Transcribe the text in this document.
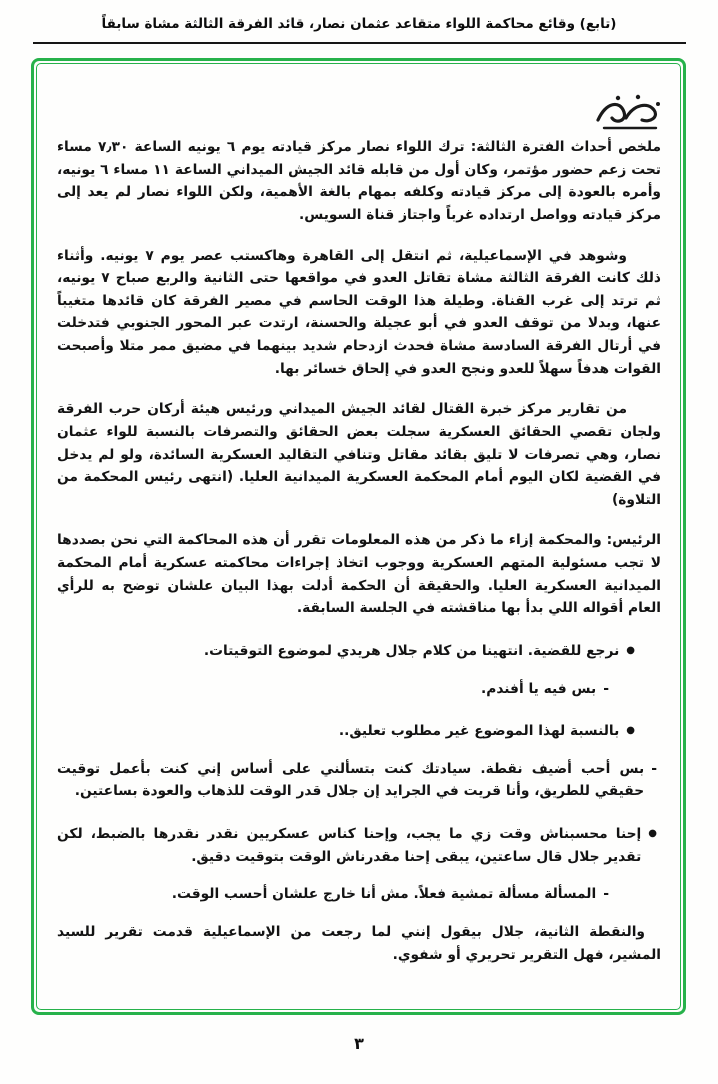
(تابع) وقائع محاكمة اللواء متقاعد عثمان نصار، قائد الفرقة الثالثة مشاة سابقاً

ملخص أحداث الفترة الثالثة: ترك اللواء نصار مركز قيادته يوم ٦ يونيه الساعة ٧٫٣٠ مساء تحت زعم حضور مؤتمر، وكان أول من قابله قائد الجيش الميداني الساعة ١١ مساء ٦ يونيه، وأمره بالعودة إلى مركز قيادته وكلفه بمهام بالغة الأهمية، ولكن اللواء نصار لم يعد إلى مركز قيادته وواصل ارتداده غرباً واجتاز قناة السويس.

وشوهد في الإسماعيلية، ثم انتقل إلى القاهرة وهاكستب عصر يوم ٧ يونيه. وأثناء ذلك كانت الفرقة الثالثة مشاة تقاتل العدو في مواقعها حتى الثانية والربع صباح ٧ يونيه، ثم ترتد إلى غرب القناة. وطيلة هذا الوقت الحاسم في مصير الفرقة كان قائدها متغيباً عنها، وبدلا من توقف العدو في أبو عجيلة والحسنة، ارتدت عبر المحور الجنوبي فتدخلت في أرتال الفرقة السادسة مشاة فحدث ازدحام شديد بينهما في مضيق ممر متلا وأصبحت القوات هدفاً سهلاً للعدو ونجح العدو في إلحاق خسائر بها.

من تقارير مركز خبرة القتال لقائد الجيش الميداني ورئيس هيئة أركان حرب الفرقة ولجان تقصي الحقائق العسكرية سجلت بعض الحقائق والتصرفات بالنسبة للواء عثمان نصار، وهي تصرفات لا تليق بقائد مقاتل وتنافي التقاليد العسكرية السائدة، ولو لم يدخل في القضية لكان اليوم أمام المحكمة العسكرية الميدانية العليا. (انتهى رئيس المحكمة من التلاوة)

الرئيس: والمحكمة إزاء ما ذكر من هذه المعلومات تقرر أن هذه المحاكمة التي نحن بصددها لا تجب مسئولية المتهم العسكرية ووجوب اتخاذ إجراءات محاكمته عسكرية أمام المحكمة الميدانية العسكرية العليا. والحقيقة أن الحكمة أدلت بهذا البيان علشان توضح به للرأي العام أقواله اللي بدأ بها مناقشته في الجلسة السابقة.

●
نرجع للقضية. انتهينا من كلام جلال هريدي لموضوع التوقيتات.
-
بس فيه يا أفندم.
●
بالنسبة لهذا الموضوع غير مطلوب تعليق..
-
بس أحب أضيف نقطة. سيادتك كنت بتسألني على أساس إني كنت بأعمل توقيت حقيقي للطريق، وأنا قريت في الجرايد إن جلال قدر الوقت للذهاب والعودة بساعتين.
●
إحنا محسبناش وقت زي ما يجب، وإحنا كناس عسكريين نقدر نقدرها بالضبط، لكن تقدير جلال قال ساعتين، يبقى إحنا مقدرناش الوقت بتوقيت دقيق.
-
المسألة مسألة تمشية فعلاً. مش أنا خارج علشان أحسب الوقت.

والنقطة الثانية، جلال بيقول إنني لما رجعت من الإسماعيلية قدمت تقرير للسيد المشير، فهل التقرير تحريري أو شفوي.

٣
